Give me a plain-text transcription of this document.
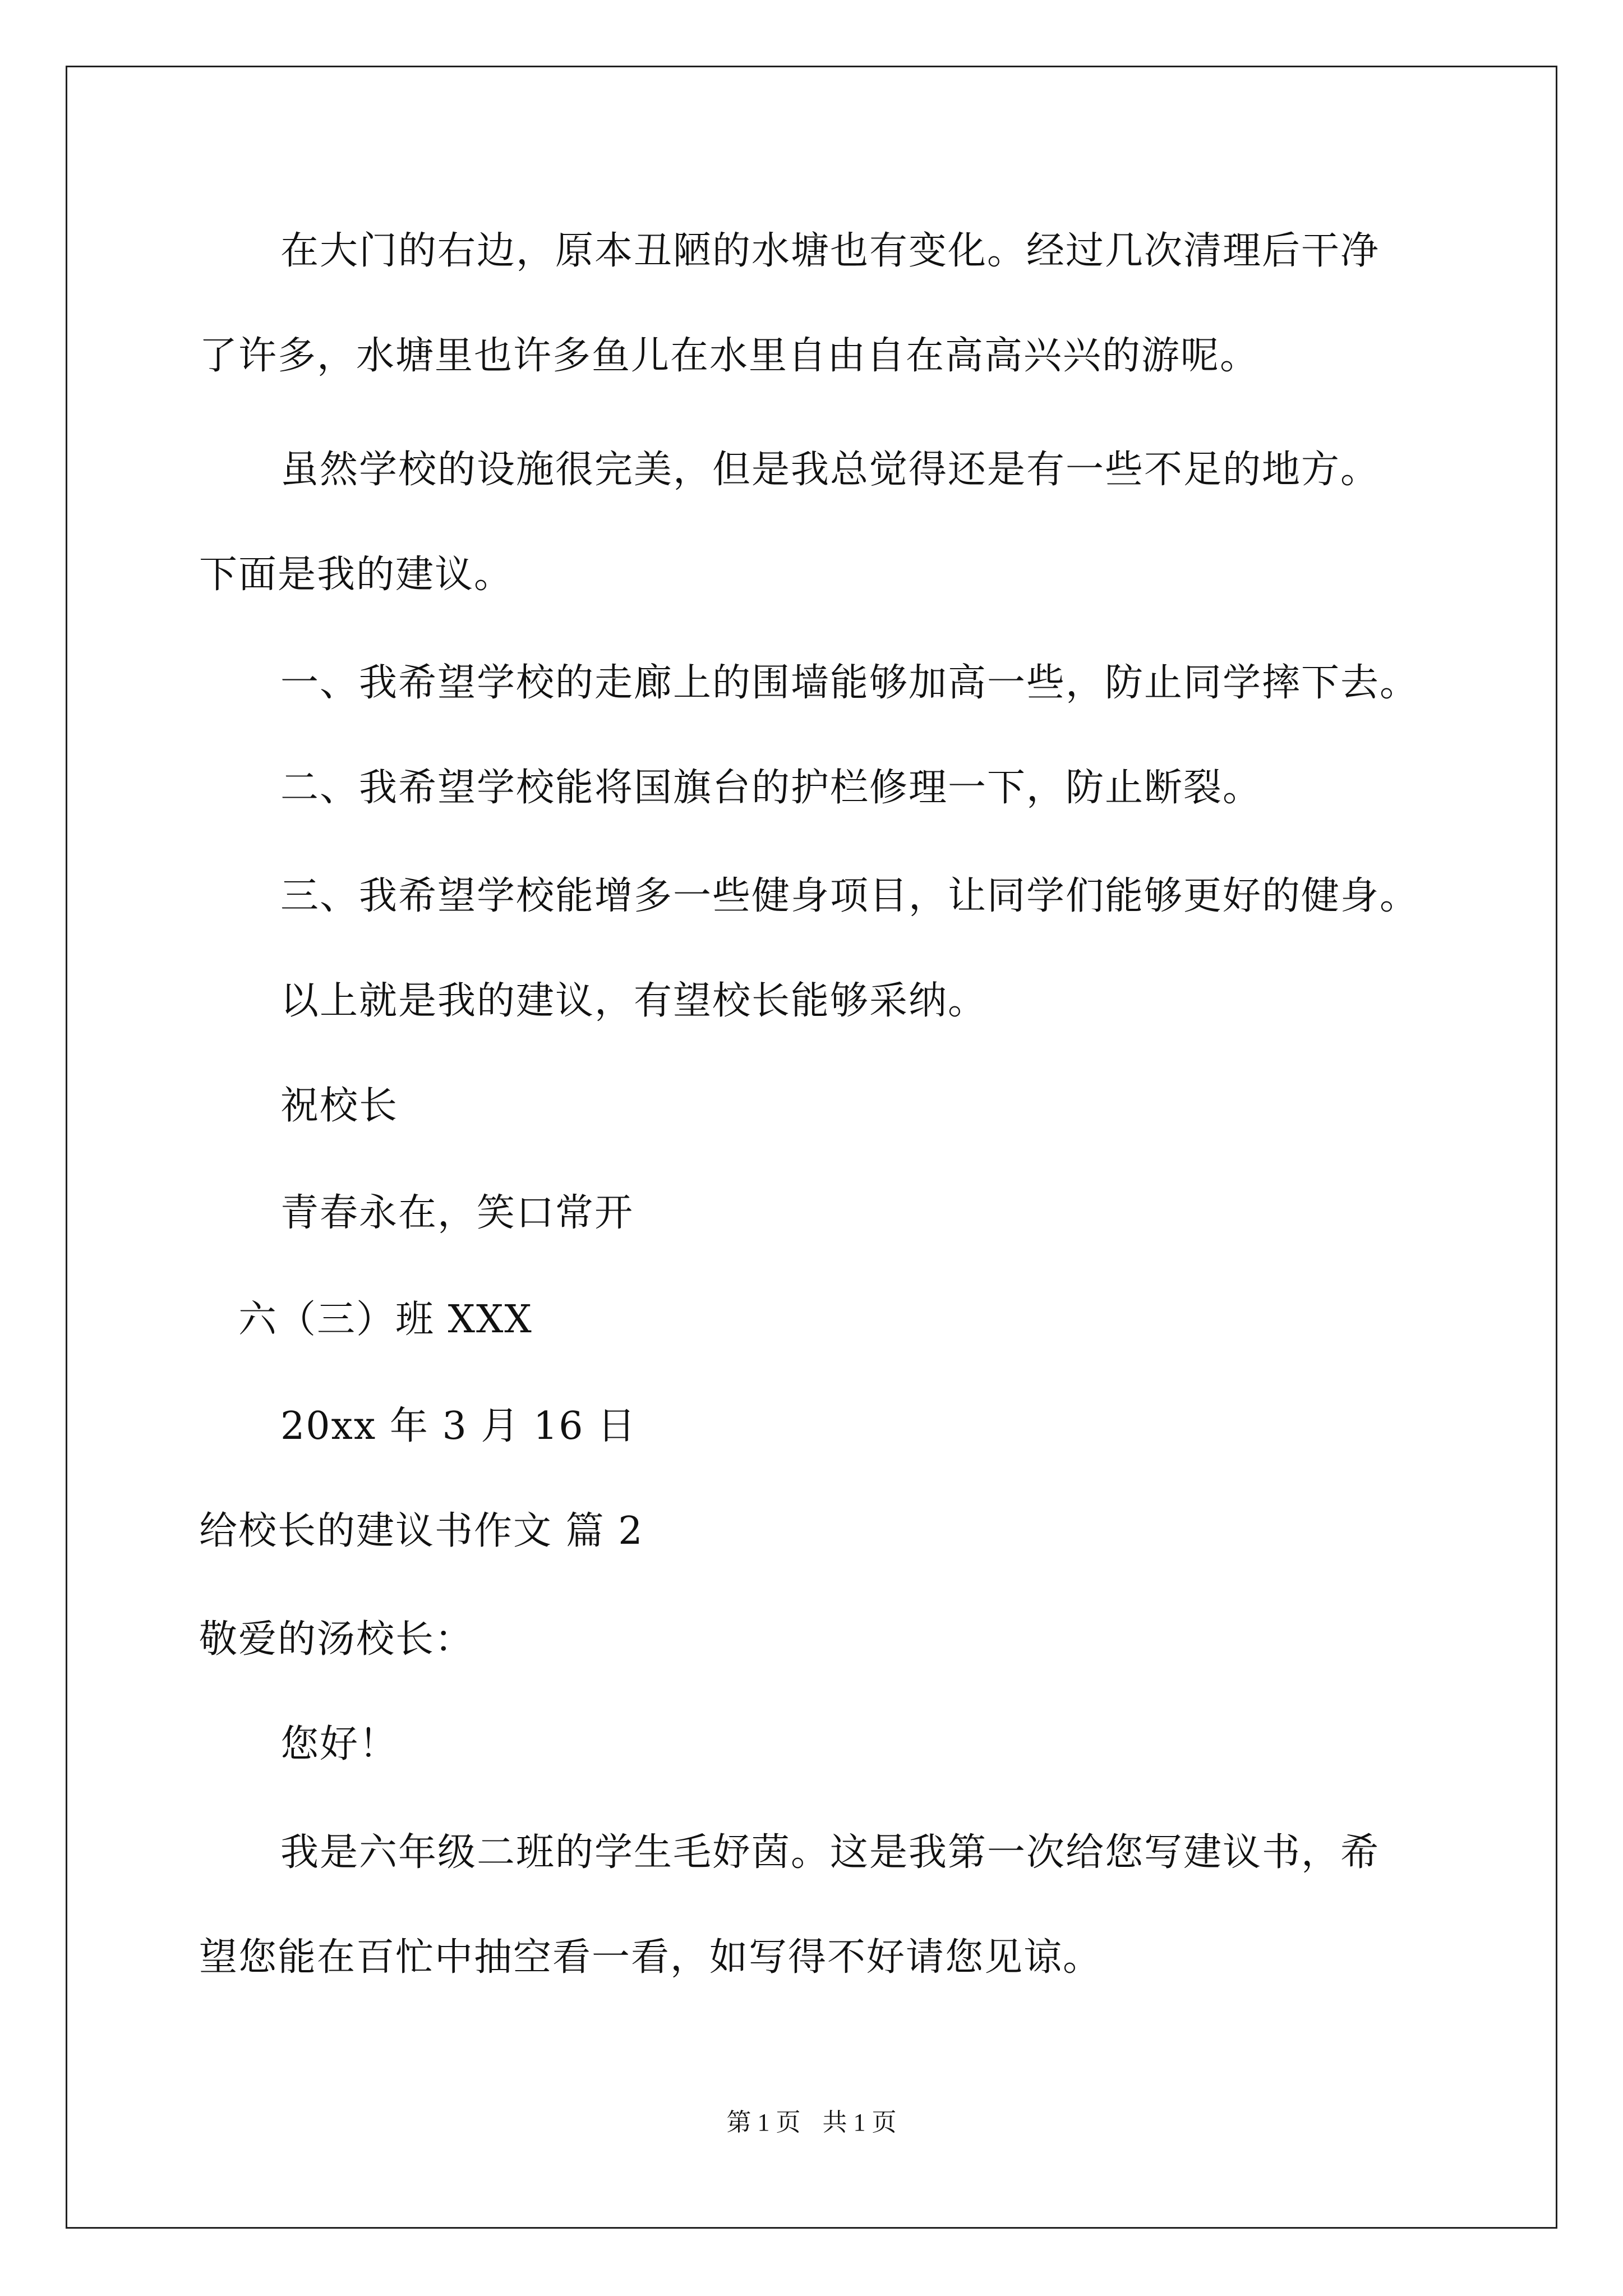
在大门的右边，原本丑陋的水塘也有变化。经过几次清理后干净
了许多，水塘里也许多鱼儿在水里自由自在高高兴兴的游呢。
虽然学校的设施很完美，但是我总觉得还是有一些不足的地方。
下面是我的建议。
一、我希望学校的走廊上的围墙能够加高一些，防止同学摔下去。
二、我希望学校能将国旗台的护栏修理一下，防止断裂。
三、我希望学校能增多一些健身项目，让同学们能够更好的健身。
以上就是我的建议，有望校长能够采纳。
祝校长
青春永在，笑口常开
六（三）班 XXX
20xx 年 3 月 16 日
给校长的建议书作文 篇 2
敬爱的汤校长：
您好！
我是六年级二班的学生毛妤茵。这是我第一次给您写建议书，希
望您能在百忙中抽空看一看，如写得不好请您见谅。
第 1 页 共 1 页
